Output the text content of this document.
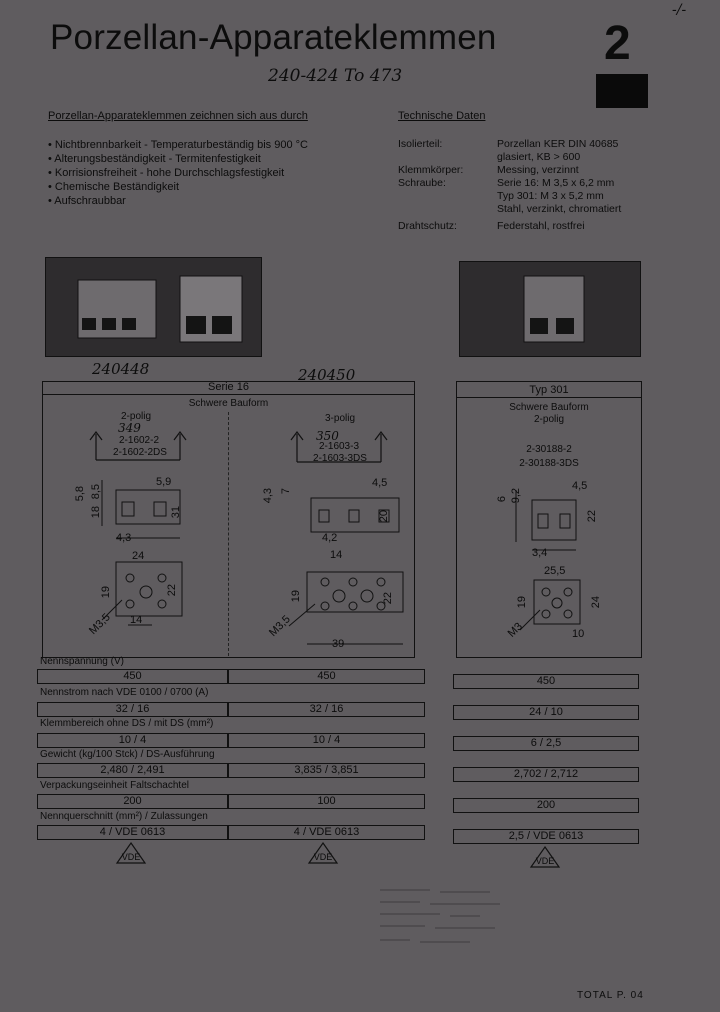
Porzellan-Apparateklemmen 2
-/-
240-424 To 473
Porzellan-Apparateklemmen zeichnen sich aus durch
• Nichtbrennbarkeit - Temperaturbeständig bis 900 °C
• Alterungsbeständigkeit - Termitenfestigkeit
• Korrisionsfreiheit - hohe Durchschlagsfestigkeit
• Chemische Beständigkeit
• Aufschraubbar
Technische Daten
Isolierteil:	Porzellan KER DIN 40685
glasiert, KB > 600
Klemmkörper:	Messing, verzinnt
Schraube:	Serie 16: M 3,5 x 6,2 mm
Typ 301: M 3 x 5,2 mm
Stahl, verzinkt, chromatiert
Drahtschutz:	Federstahl, rostfrei
240448	240450
Serie 16
Schwere Bauform
2-polig
349
2-1602-2
2-1602-2DS
5,9
5,8 8,5
18	31
4,3
24
19	22
M3,5 14
3-polig
350
2-1603-3
2-1603-3DS
4,5
4,3 7
20
4,2
14
19
M3,5
22
39
Typ 301
Schwere Bauform
2-polig
2-30188-2
2-30188-3DS
4,5
6 9,2
22
3,4
25,5
19
M3
24
10
Nennspannung (V)
450	450	450
Nennstrom nach VDE 0100 / 0700 (A)
32 / 16	32 / 16	24 / 10
Klemmbereich ohne DS / mit DS (mm²)
10 / 4	10 / 4	6 / 2,5
Gewicht (kg/100 Stck) / DS-Ausführung
2,480 / 2,491	3,835 / 3,851	2,702 / 2,712
Verpackungseinheit Faltschachtel
200	100	200
Nennquerschnitt (mm²) / Zulassungen
4 / VDE 0613	4 / VDE 0613	2,5 / VDE 0613
VDE	VDE	VDE
TOTAL P. 04
